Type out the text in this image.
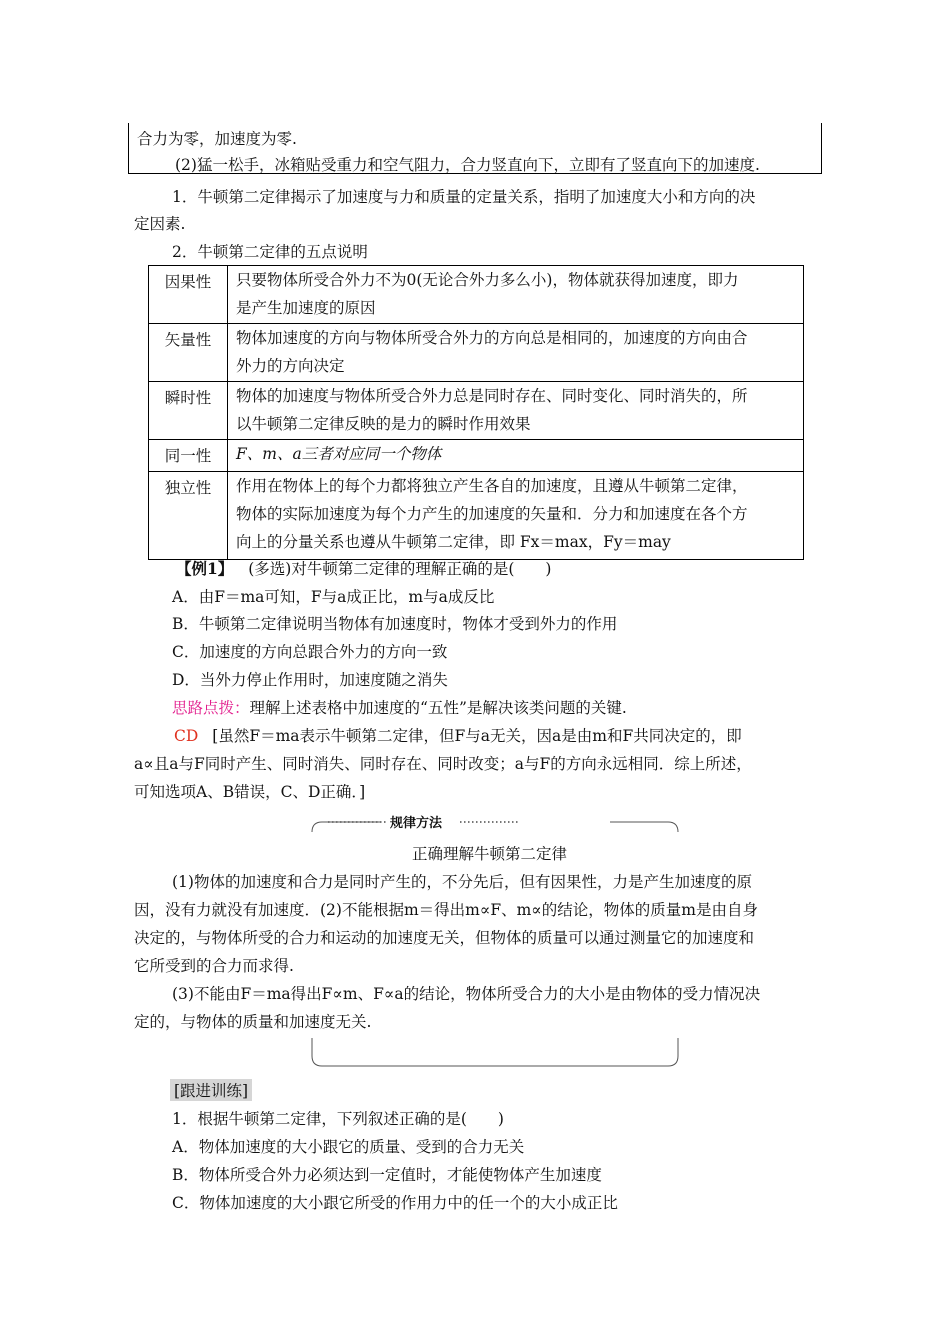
合力为零，加速度为零.
(2)猛一松手，冰箱贴受重力和空气阻力，合力竖直向下，立即有了竖直向下的加速度.
1．牛顿第二定律揭示了加速度与力和质量的定量关系，指明了加速度大小和方向的决
定因素.
2．牛顿第二定律的五点说明
因果性	只要物体所受合外力不为0(无论合外力多么小)，物体就获得加速度，即力
是产生加速度的原因

矢量性	物体加速度的方向与物体所受合外力的方向总是相同的，加速度的方向由合
外力的方向决定

瞬时性	物体的加速度与物体所受合外力总是同时存在、同时变化、同时消失的，所
以牛顿第二定律反映的是力的瞬时作用效果

同一性	F、m、a三者对应同一个物体

独立性	作用在物体上的每个力都将独立产生各自的加速度，且遵从牛顿第二定律，
物体的实际加速度为每个力产生的加速度的矢量和．分力和加速度在各个方
向上的分量关系也遵从牛顿第二定律，即 Fx＝max，Fy＝may
【例1】 (多选)对牛顿第二定律的理解正确的是(　　)
A．由F＝ma可知，F与a成正比，m与a成反比
B．牛顿第二定律说明当物体有加速度时，物体才受到外力的作用
C．加速度的方向总跟合外力的方向一致
D．当外力停止作用时，加速度随之消失
思路点拨：理解上述表格中加速度的“五性”是解决该类问题的关键.
CD [虽然F＝ma表示牛顿第二定律，但F与a无关，因a是由m和F共同决定的，即
a∝且a与F同时产生、同时消失、同时存在、同时改变；a与F的方向永远相同．综上所述，
可知选项A、B错误，C、D正确．]
规律方法
正确理解牛顿第二定律
(1)物体的加速度和合力是同时产生的，不分先后，但有因果性，力是产生加速度的原
因，没有力就没有加速度．(2)不能根据m＝得出m∝F、m∝的结论，物体的质量m是由自身
决定的，与物体所受的合力和运动的加速度无关，但物体的质量可以通过测量它的加速度和
它所受到的合力而求得.
(3)不能由F＝ma得出F∝m、F∝a的结论，物体所受合力的大小是由物体的受力情况决
定的，与物体的质量和加速度无关.
[跟进训练]
1．根据牛顿第二定律，下列叙述正确的是(　　)
A．物体加速度的大小跟它的质量、受到的合力无关
B．物体所受合外力必须达到一定值时，才能使物体产生加速度
C．物体加速度的大小跟它所受的作用力中的任一个的大小成正比
